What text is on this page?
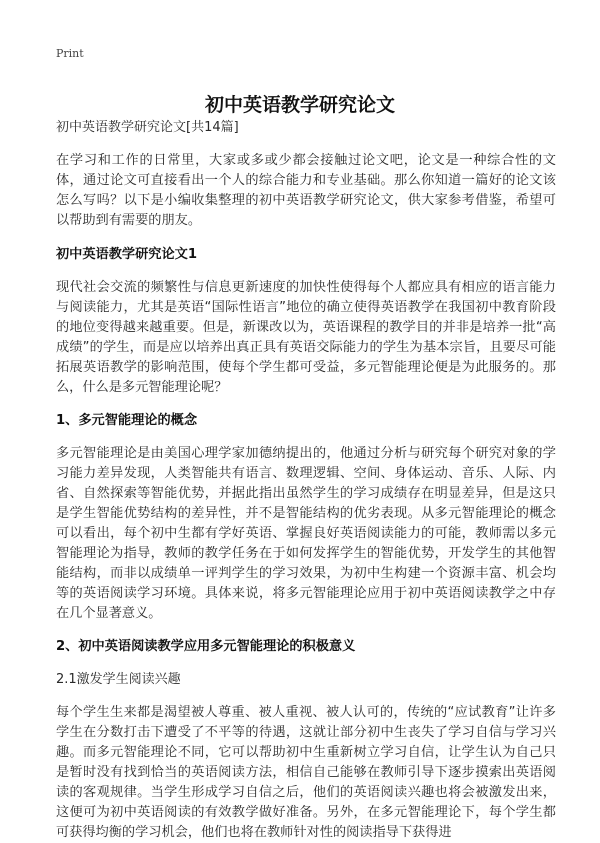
Print
初中英语教学研究论文

初中英语教学研究论文[共14篇]

在学习和工作的日常里，大家或多或少都会接触过论文吧，论文是一种综合性的文体，通过论文可直接看出一个人的综合能力和专业基础。那么你知道一篇好的论文该怎么写吗？以下是小编收集整理的初中英语教学研究论文，供大家参考借鉴，希望可以帮助到有需要的朋友。

初中英语教学研究论文1

现代社会交流的频繁性与信息更新速度的加快性使得每个人都应具有相应的语言能力与阅读能力，尤其是英语“国际性语言”地位的确立使得英语教学在我国初中教育阶段的地位变得越来越重要。但是，新课改以为，英语课程的教学目的并非是培养一批“高成绩”的学生，而是应以培养出真正具有英语交际能力的学生为基本宗旨，且要尽可能拓展英语教学的影响范围，使每个学生都可受益，多元智能理论便是为此服务的。那么，什么是多元智能理论呢？

1、多元智能理论的概念

多元智能理论是由美国心理学家加德纳提出的，他通过分析与研究每个研究对象的学习能力差异发现，人类智能共有语言、数理逻辑、空间、身体运动、音乐、人际、内省、自然探索等智能优势，并据此指出虽然学生的学习成绩存在明显差异，但是这只是学生智能优势结构的差异性，并不是智能结构的优劣表现。从多元智能理论的概念可以看出，每个初中生都有学好英语、掌握良好英语阅读能力的可能，教师需以多元智能理论为指导，教师的教学任务在于如何发挥学生的智能优势，开发学生的其他智能结构，而非以成绩单一评判学生的学习效果，为初中生构建一个资源丰富、机会均等的英语阅读学习环境。具体来说，将多元智能理论应用于初中英语阅读教学之中存在几个显著意义。

2、初中英语阅读教学应用多元智能理论的积极意义

2.1激发学生阅读兴趣

每个学生生来都是渴望被人尊重、被人重视、被人认可的，传统的“应试教育”让许多学生在分数打击下遭受了不平等的待遇，这就让部分初中生丧失了学习自信与学习兴趣。而多元智能理论不同，它可以帮助初中生重新树立学习自信，让学生认为自己只是暂时没有找到恰当的英语阅读方法，相信自己能够在教师引导下逐步摸索出英语阅读的客观规律。当学生形成学习自信之后，他们的英语阅读兴趣也将会被激发出来，这便可为初中英语阅读的有效教学做好准备。另外，在多元智能理论下，每个学生都可获得均衡的学习机会，他们也将在教师针对性的阅读指导下获得进
